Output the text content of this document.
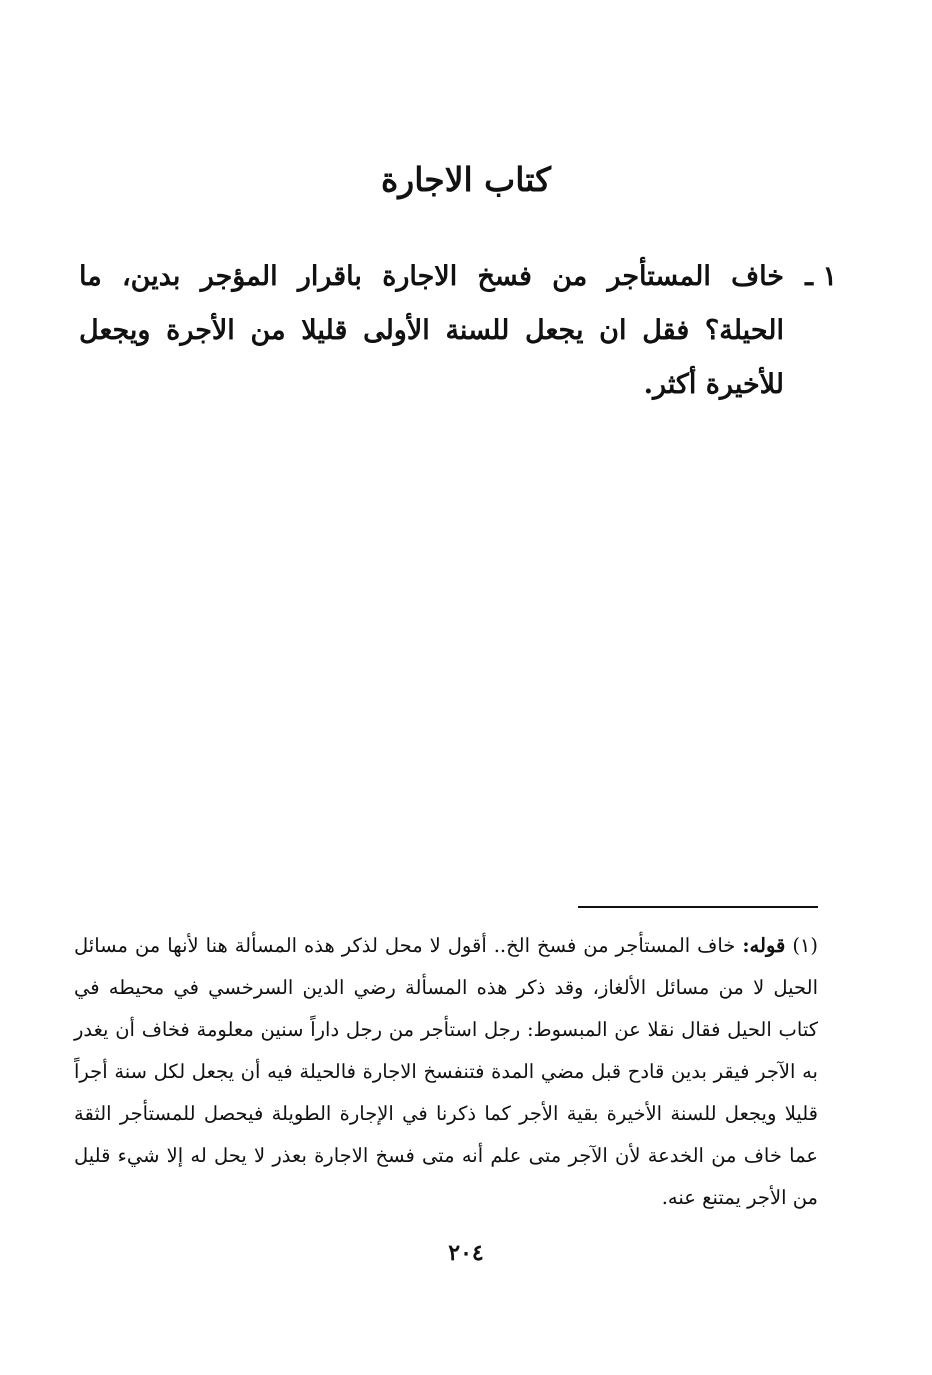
كتاب الاجارة

١ ـ

خاف المستأجر من فسخ الاجارة باقرار المؤجر بدين، ما الحيلة؟ فقل ان يجعل للسنة الأولى قليلا من الأجرة ويجعل للأخيرة أكثر.

(١) قوله: خاف المستأجر من فسخ الخ.. أقول لا محل لذكر هذه المسألة هنا لأنها من مسائل الحيل لا من مسائل الألغاز، وقد ذكر هذه المسألة رضي الدين السرخسي في محيطه في كتاب الحيل فقال نقلا عن المبسوط: رجل استأجر من رجل داراً سنين معلومة فخاف أن يغدر به الآجر فيقر بدين قادح قبل مضي المدة فتنفسخ الاجارة فالحيلة فيه أن يجعل لكل سنة أجراً قليلا ويجعل للسنة الأخيرة بقية الأجر كما ذكرنا في الإجارة الطويلة فيحصل للمستأجر الثقة عما خاف من الخدعة لأن الآجر متى علم أنه متى فسخ الاجارة بعذر لا يحل له إلا شيء قليل من الأجر يمتنع عنه.

٢٠٤
